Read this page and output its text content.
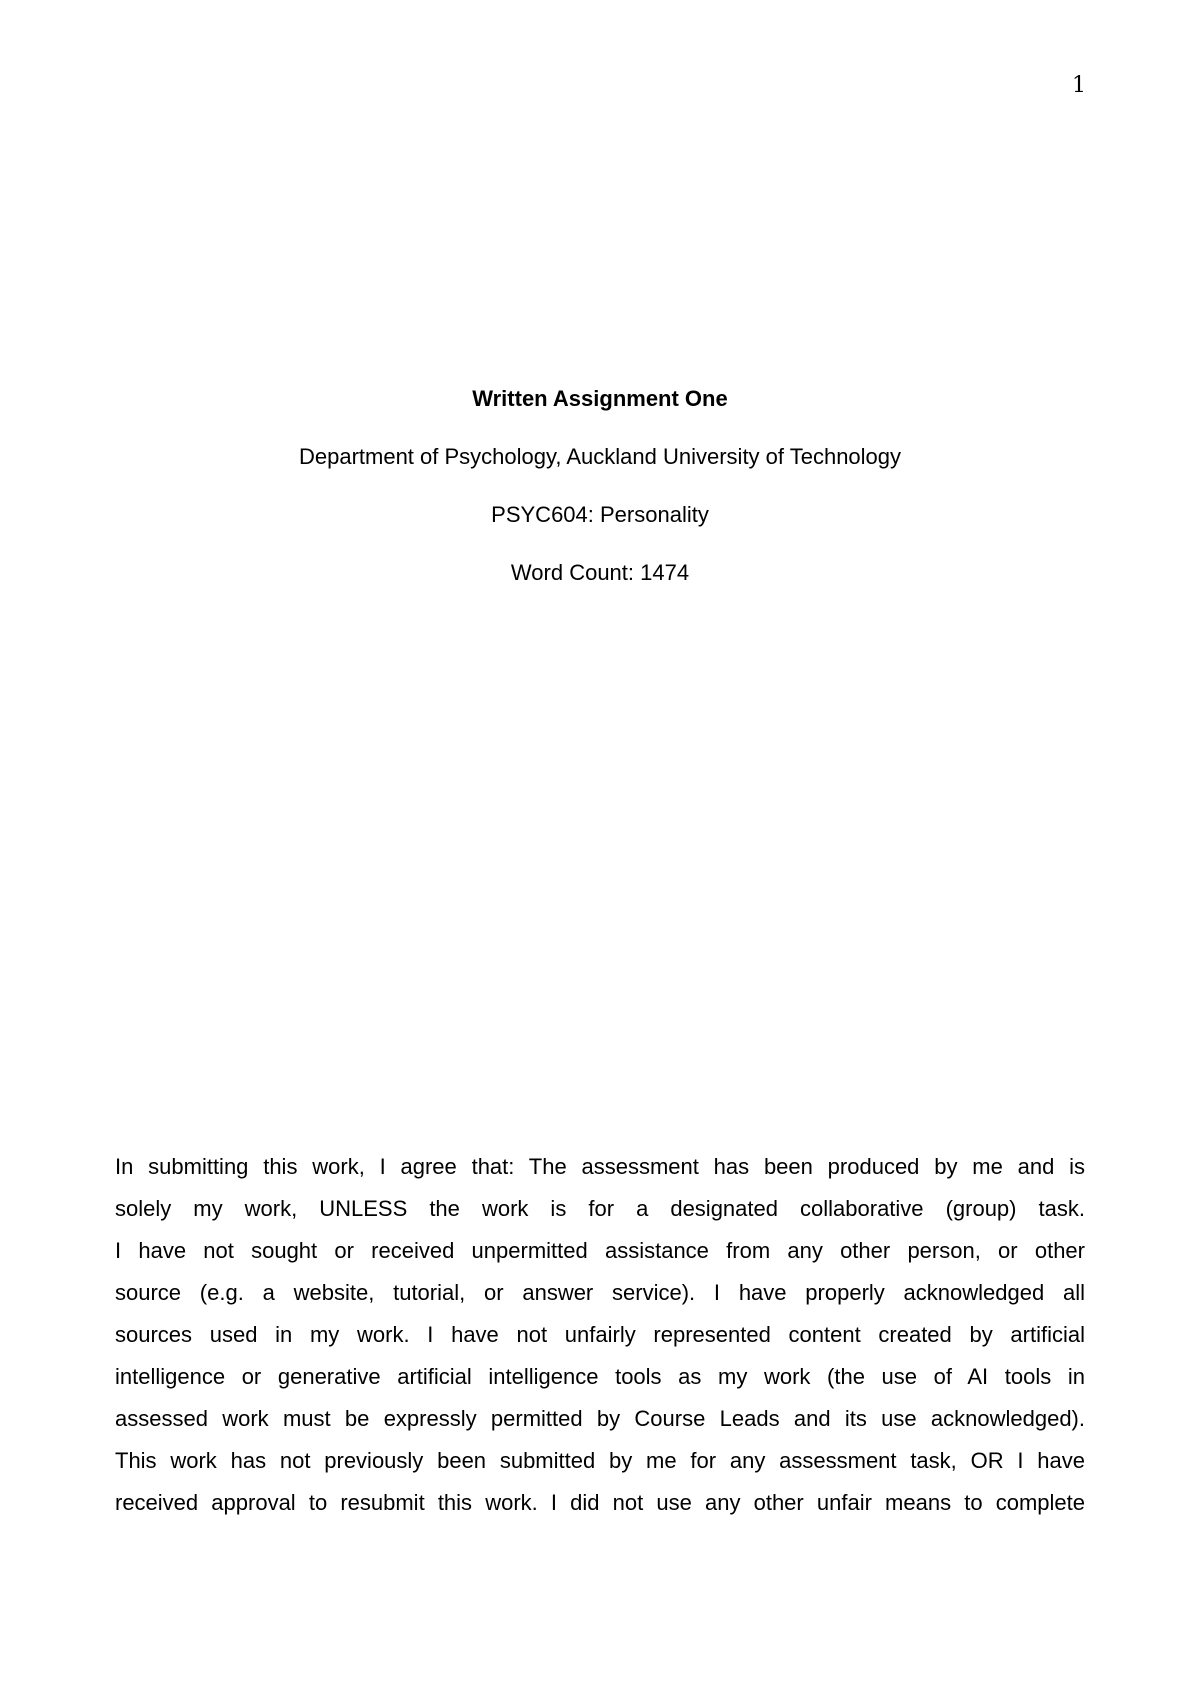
1
Written Assignment One
Department of Psychology, Auckland University of Technology
PSYC604: Personality
Word Count: 1474
In submitting this work, I agree that: The assessment has been produced by me and is
solely my work, UNLESS the work is for a designated collaborative (group) task.
I have not sought or received unpermitted assistance from any other person, or other
source (e.g. a website, tutorial, or answer service). I have properly acknowledged all
sources used in my work. I have not unfairly represented content created by artificial
intelligence or generative artificial intelligence tools as my work (the use of AI tools in
assessed work must be expressly permitted by Course Leads and its use acknowledged).
This work has not previously been submitted by me for any assessment task, OR I have
received approval to resubmit this work. I did not use any other unfair means to complete
